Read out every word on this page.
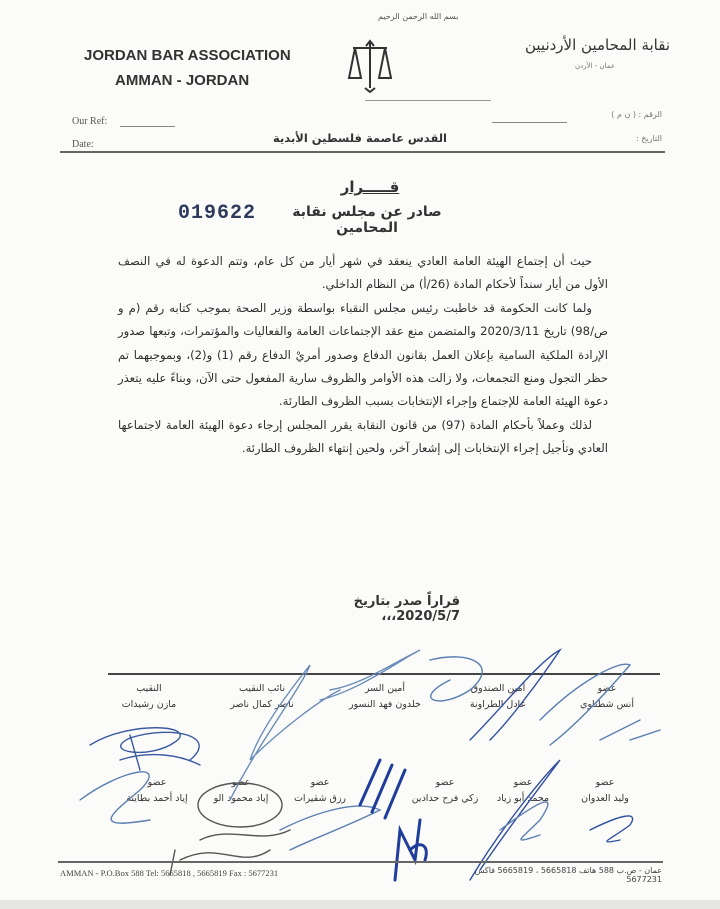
بسم الله الرحمن الرحيم
JORDAN BAR ASSOCIATION
AMMAN - JORDAN
نقابة المحامين الأردنيين
عمان - الأردن
Our Ref:
Date:
الرقم : ( ن م )
التاريخ :
القدس عاصمة فلسطين الأبدية
قـــــرار
صادر عن مجلس نقابة المحامين
019622

حيث أن إجتماع الهيئة العامة العادي ينعقد في شهر أيار من كل عام، وتتم الدعوة له في النصف الأول من أيار سنداً لأحكام المادة (26/أ) من النظام الداخلي.

ولما كانت الحكومة قد خاطبت رئيس مجلس النقباء بواسطة وزير الصحة بموجب كتابه رقم (م و ص/98) تاريخ 2020/3/11 والمتضمن منع عقد الإجتماعات العامة والفعاليات والمؤتمرات، وتبعها صدور الإرادة الملكية السامية بإعلان العمل بقانون الدفاع وصدور أمريْ الدفاع رقم (1) و(2)، وبموجبهما تم حظر التجول ومنع التجمعات، ولا زالت هذه الأوامر والظروف سارية المفعول حتى الآن، وبناءً عليه يتعذر دعوة الهيئة العامة للإجتماع وإجراء الإنتخابات بسبب الظروف الطارئة.

لذلك وعملاً بأحكام المادة (97) من قانون النقابة يقرر المجلس إرجاء دعوة الهيئة العامة لاجتماعها العادي وتأجيل إجراء الإنتخابات إلى إشعار آخر، ولحين إنتهاء الظروف الطارئة.

قراراً صدر بتاريخ 2020/5/7،،،
النقيب
مازن رشيدات
نائب النقيب
ناصر كمال ناصر
أمين السر
خلدون فهد النسور
أمين الصندوق
عادل الطراونة
عضو
أنس شطناوي
عضو
إياد أحمد بطاينة
عضو
إياد محمود الو
عضو
رزق شقيرات
عضو
زكي فرح حدادين
عضو
محمد أبو زياد
عضو
وليد العدوان
AMMAN - P.O.Box 588 Tel: 5665818 , 5665819 Fax : 5677231	عمان - ص.ب 588 هاتف 5665818 ، 5665819 فاكس 5677231
